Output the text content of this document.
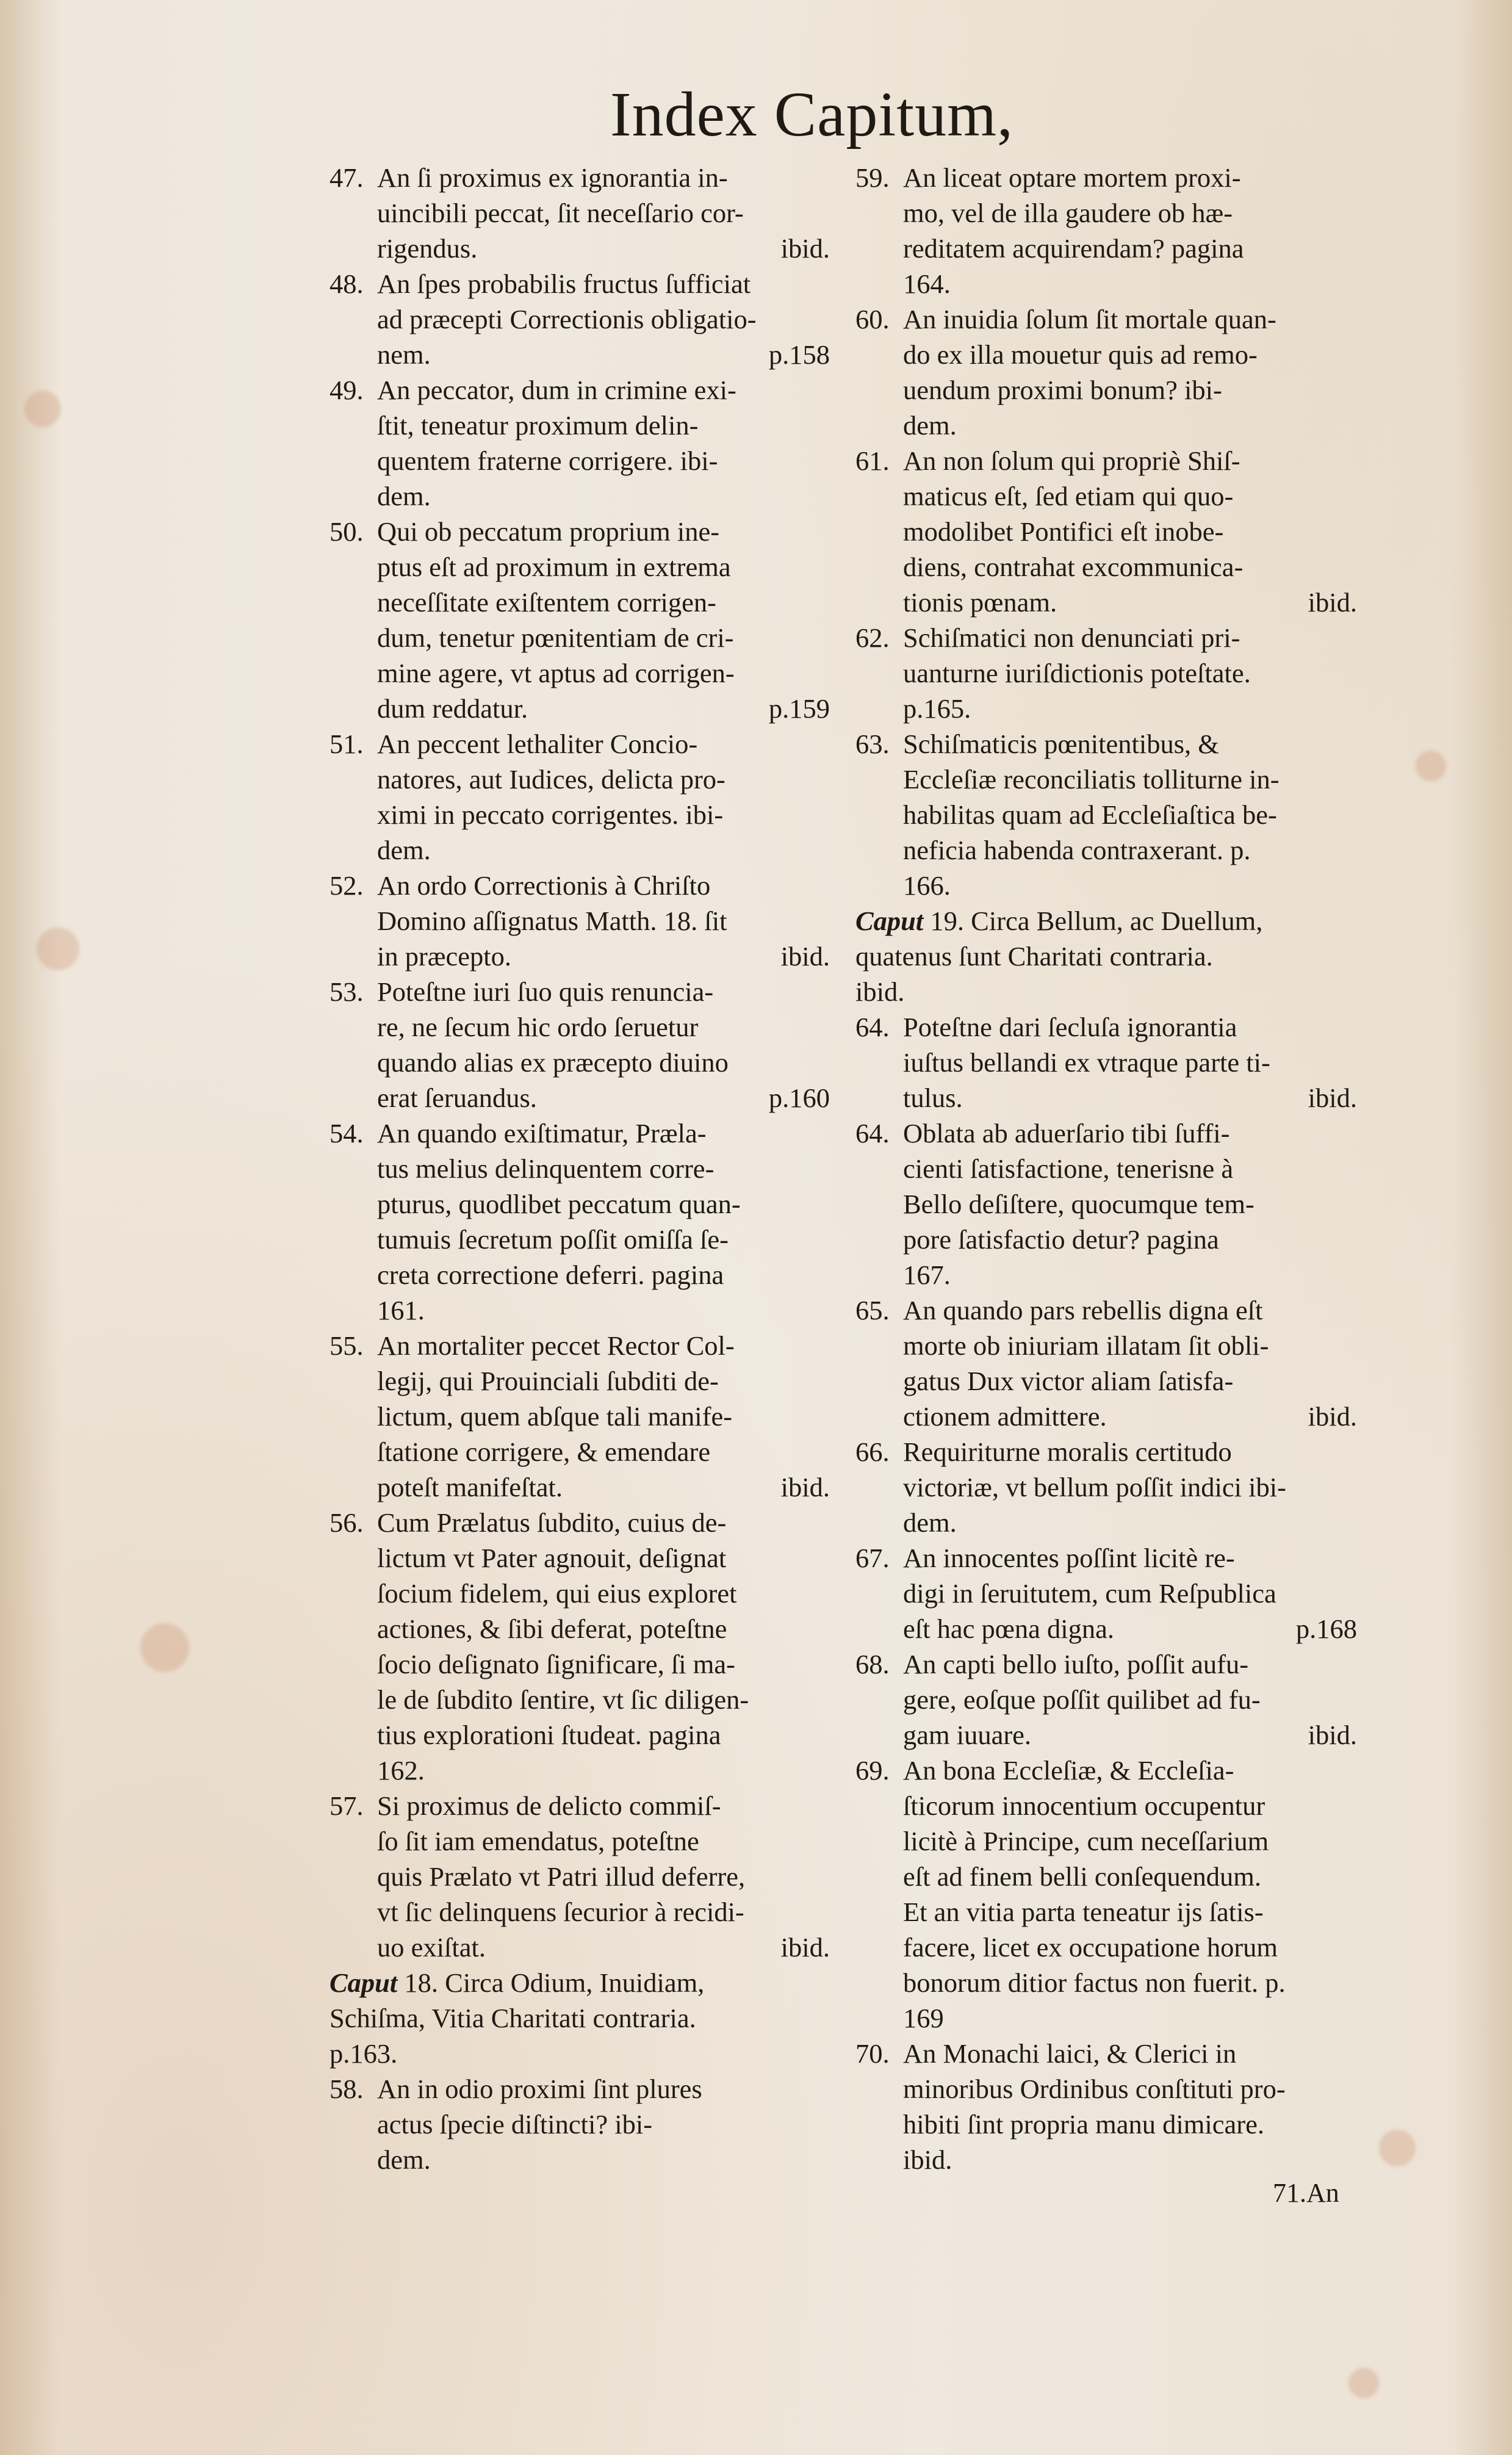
Index Capitum,
47. An ſi proximus ex ignorantia in-
uincibili peccat, ſit neceſſario cor-
rigendus.	ibid.
48. An ſpes probabilis fructus ſufficiat
ad præcepti Correctionis obligatio-
nem.	p.158
49. An peccator, dum in crimine exi-
ſtit, teneatur proximum delin-
quentem fraterne corrigere. ibi-
dem.
50. Qui ob peccatum proprium ine-
ptus eſt ad proximum in extrema
neceſſitate exiſtentem corrigen-
dum, tenetur pœnitentiam de cri-
mine agere, vt aptus ad corrigen-
dum reddatur.	p.159
51. An peccent lethaliter Concio-
natores, aut Iudices, delicta pro-
ximi in peccato corrigentes. ibi-
dem.
52. An ordo Correctionis à Chriſto
Domino aſſignatus Matth. 18. ſit
in præcepto.	ibid.
53. Poteſtne iuri ſuo quis renuncia-
re, ne ſecum hic ordo ſeruetur
quando alias ex præcepto diuino
erat ſeruandus.	p.160
54. An quando exiſtimatur, Præla-
tus melius delinquentem corre-
pturus, quodlibet peccatum quan-
tumuis ſecretum poſſit omiſſa ſe-
creta correctione deferri. pagina
161.
55. An mortaliter peccet Rector Col-
legij, qui Prouinciali ſubditi de-
lictum, quem abſque tali manife-
ſtatione corrigere, & emendare
poteſt manifeſtat.	ibid.
56. Cum Prælatus ſubdito, cuius de-
lictum vt Pater agnouit, deſignat
ſocium fidelem, qui eius exploret
actiones, & ſibi deferat, poteſtne
ſocio deſignato ſignificare, ſi ma-
le de ſubdito ſentire, vt ſic diligen-
tius explorationi ſtudeat. pagina
162.
57. Si proximus de delicto commiſ-
ſo ſit iam emendatus, poteſtne
quis Prælato vt Patri illud deferre,
vt ſic delinquens ſecurior à recidi-
uo exiſtat.	ibid.
Caput 18. Circa Odium, Inuidiam,
Schiſma, Vitia Charitati contraria.
p.163.
58. An in odio proximi ſint plures
actus ſpecie diſtincti? ibi-
dem.
59. An liceat optare mortem proxi-
mo, vel de illa gaudere ob hæ-
reditatem acquirendam? pagina
164.
60. An inuidia ſolum ſit mortale quan-
do ex illa mouetur quis ad remo-
uendum proximi bonum? ibi-
dem.
61. An non ſolum qui propriè Shiſ-
maticus eſt, ſed etiam qui quo-
modolibet Pontifici eſt inobe-
diens, contrahat excommunica-
tionis pœnam.	ibid.
62. Schiſmatici non denunciati pri-
uanturne iuriſdictionis poteſtate.
p.165.
63. Schiſmaticis pœnitentibus, &
Eccleſiæ reconciliatis tolliturne in-
habilitas quam ad Eccleſiaſtica be-
neficia habenda contraxerant. p.
166.
Caput 19. Circa Bellum, ac Duellum,
quatenus ſunt Charitati contraria.
ibid.
64. Poteſtne dari ſecluſa ignorantia
iuſtus bellandi ex vtraque parte ti-
tulus.	ibid.
64. Oblata ab aduerſario tibi ſuffi-
cienti ſatisfactione, tenerisne à
Bello deſiſtere, quocumque tem-
pore ſatisfactio detur? pagina
167.
65. An quando pars rebellis digna eſt
morte ob iniuriam illatam ſit obli-
gatus Dux victor aliam ſatisfa-
ctionem admittere.	ibid.
66. Requiriturne moralis certitudo
victoriæ, vt bellum poſſit indici ibi-
dem.
67. An innocentes poſſint licitè re-
digi in ſeruitutem, cum Reſpublica
eſt hac pœna digna.	p.168
68. An capti bello iuſto, poſſit aufu-
gere, eoſque poſſit quilibet ad fu-
gam iuuare.	ibid.
69. An bona Eccleſiæ, & Eccleſia-
ſticorum innocentium occupentur
licitè à Principe, cum neceſſarium
eſt ad finem belli conſequendum.
Et an vitia parta teneatur ijs ſatis-
facere, licet ex occupatione horum
bonorum ditior factus non fuerit. p.
169
70. An Monachi laici, & Clerici in
minoribus Ordinibus conſtituti pro-
hibiti ſint propria manu dimicare.
ibid.
71.An
